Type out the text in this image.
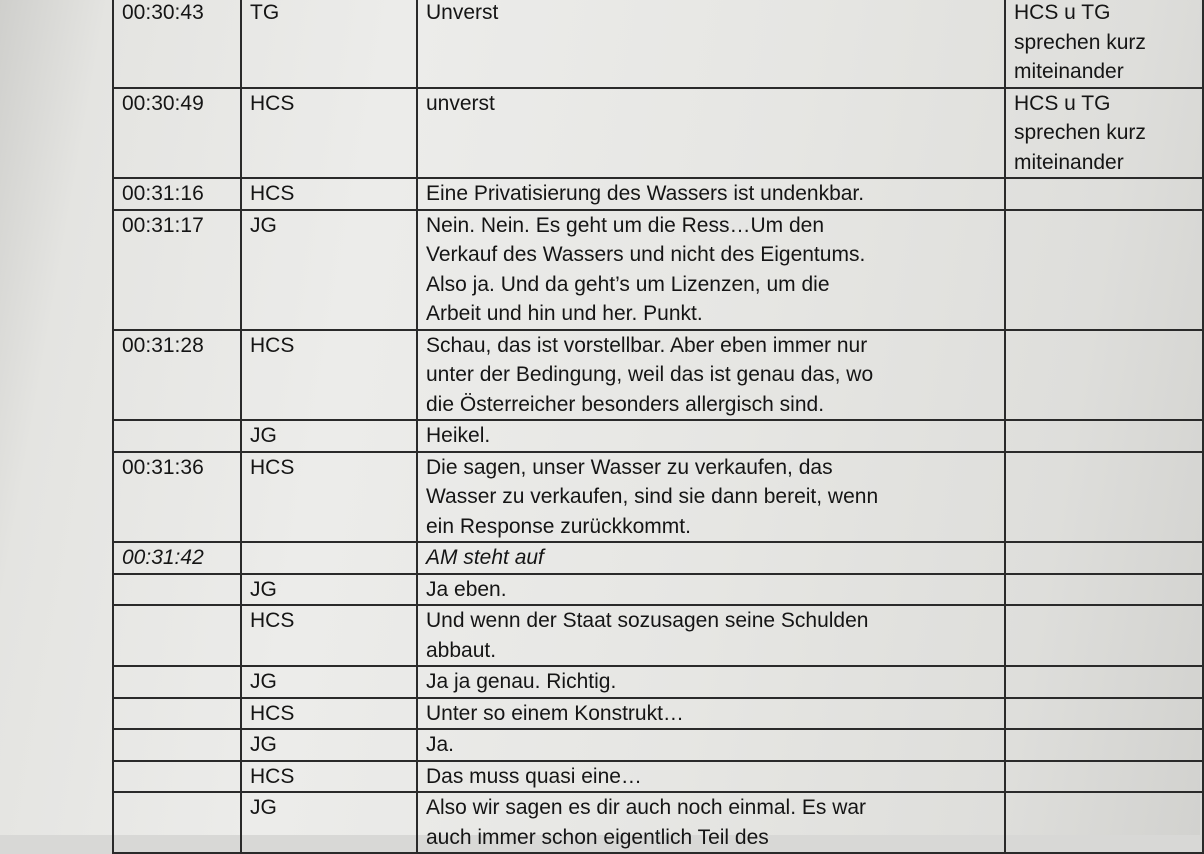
00:30:43	TG	Unverst	HCS u TG
sprechen kurz
miteinander

00:30:49	HCS	unverst	HCS u TG
sprechen kurz
miteinander

00:31:16	HCS	Eine Privatisierung des Wassers ist undenkbar.	

00:31:17	JG	Nein. Nein. Es geht um die Ress…Um den
Verkauf des Wassers und nicht des Eigentums.
Also ja. Und da geht’s um Lizenzen, um die
Arbeit und hin und her. Punkt.	

00:31:28	HCS	Schau, das ist vorstellbar. Aber eben immer nur
unter der Bedingung, weil das ist genau das, wo
die Österreicher besonders allergisch sind.	

	JG	Heikel.	

00:31:36	HCS	Die sagen, unser Wasser zu verkaufen, das
Wasser zu verkaufen, sind sie dann bereit, wenn
ein Response zurückkommt.	

00:31:42		AM steht auf	

	JG	Ja eben.	

	HCS	Und wenn der Staat sozusagen seine Schulden
abbaut.	

	JG	Ja ja genau. Richtig.	

	HCS	Unter so einem Konstrukt…	

	JG	Ja.	

	HCS	Das muss quasi eine…	

	JG	Also wir sagen es dir auch noch einmal. Es war
auch immer schon eigentlich Teil des	
